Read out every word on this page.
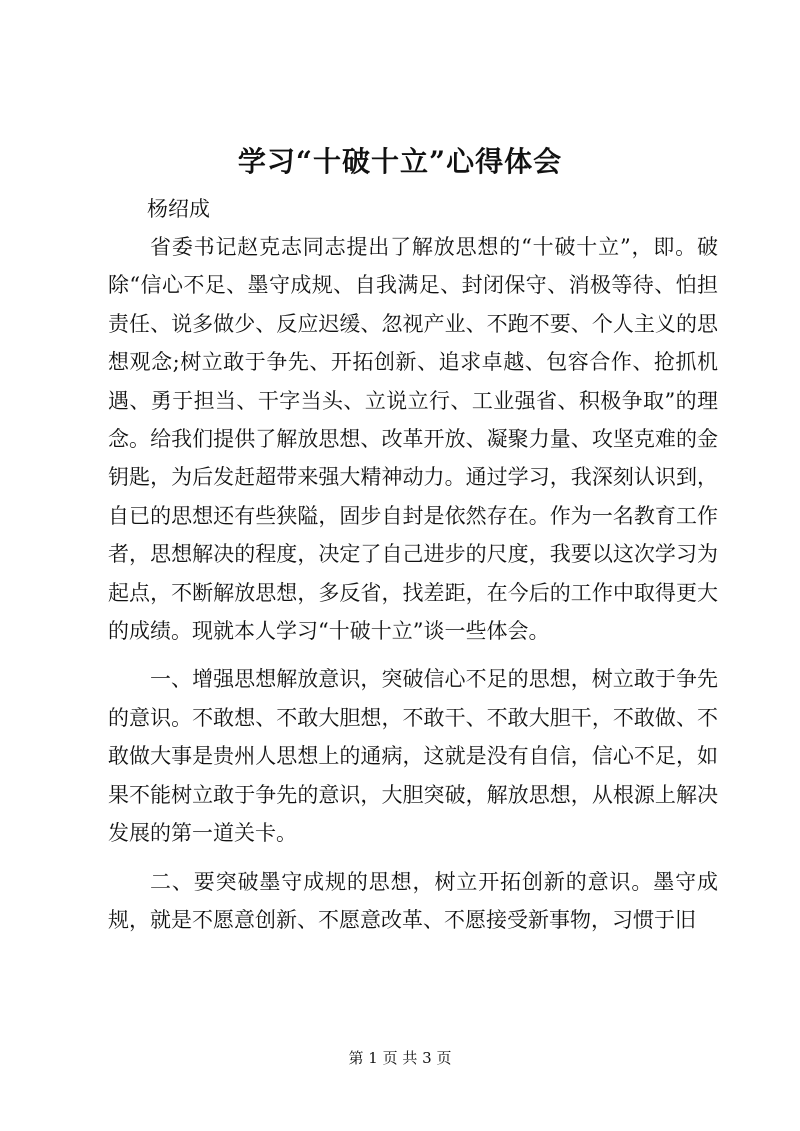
学习“十破十立”心得体会

杨绍成

省委书记赵克志同志提出了解放思想的“十破十立”，即。破除“信心不足、墨守成规、自我满足、封闭保守、消极等待、怕担责任、说多做少、反应迟缓、忽视产业、不跑不要、个人主义的思想观念;树立敢于争先、开拓创新、追求卓越、包容合作、抢抓机遇、勇于担当、干字当头、立说立行、工业强省、积极争取”的理念。给我们提供了解放思想、改革开放、凝聚力量、攻坚克难的金钥匙，为后发赶超带来强大精神动力。通过学习，我深刻认识到，自已的思想还有些狭隘，固步自封是依然存在。作为一名教育工作者，思想解决的程度，决定了自己进步的尺度，我要以这次学习为起点，不断解放思想，多反省，找差距，在今后的工作中取得更大的成绩。现就本人学习“十破十立”谈一些体会。

一、增强思想解放意识，突破信心不足的思想，树立敢于争先的意识。不敢想、不敢大胆想，不敢干、不敢大胆干，不敢做、不敢做大事是贵州人思想上的通病，这就是没有自信，信心不足，如果不能树立敢于争先的意识，大胆突破，解放思想，从根源上解决发展的第一道关卡。

二、要突破墨守成规的思想，树立开拓创新的意识。墨守成规，就是不愿意创新、不愿意改革、不愿接受新事物，习惯于旧

第 1 页 共 3 页
